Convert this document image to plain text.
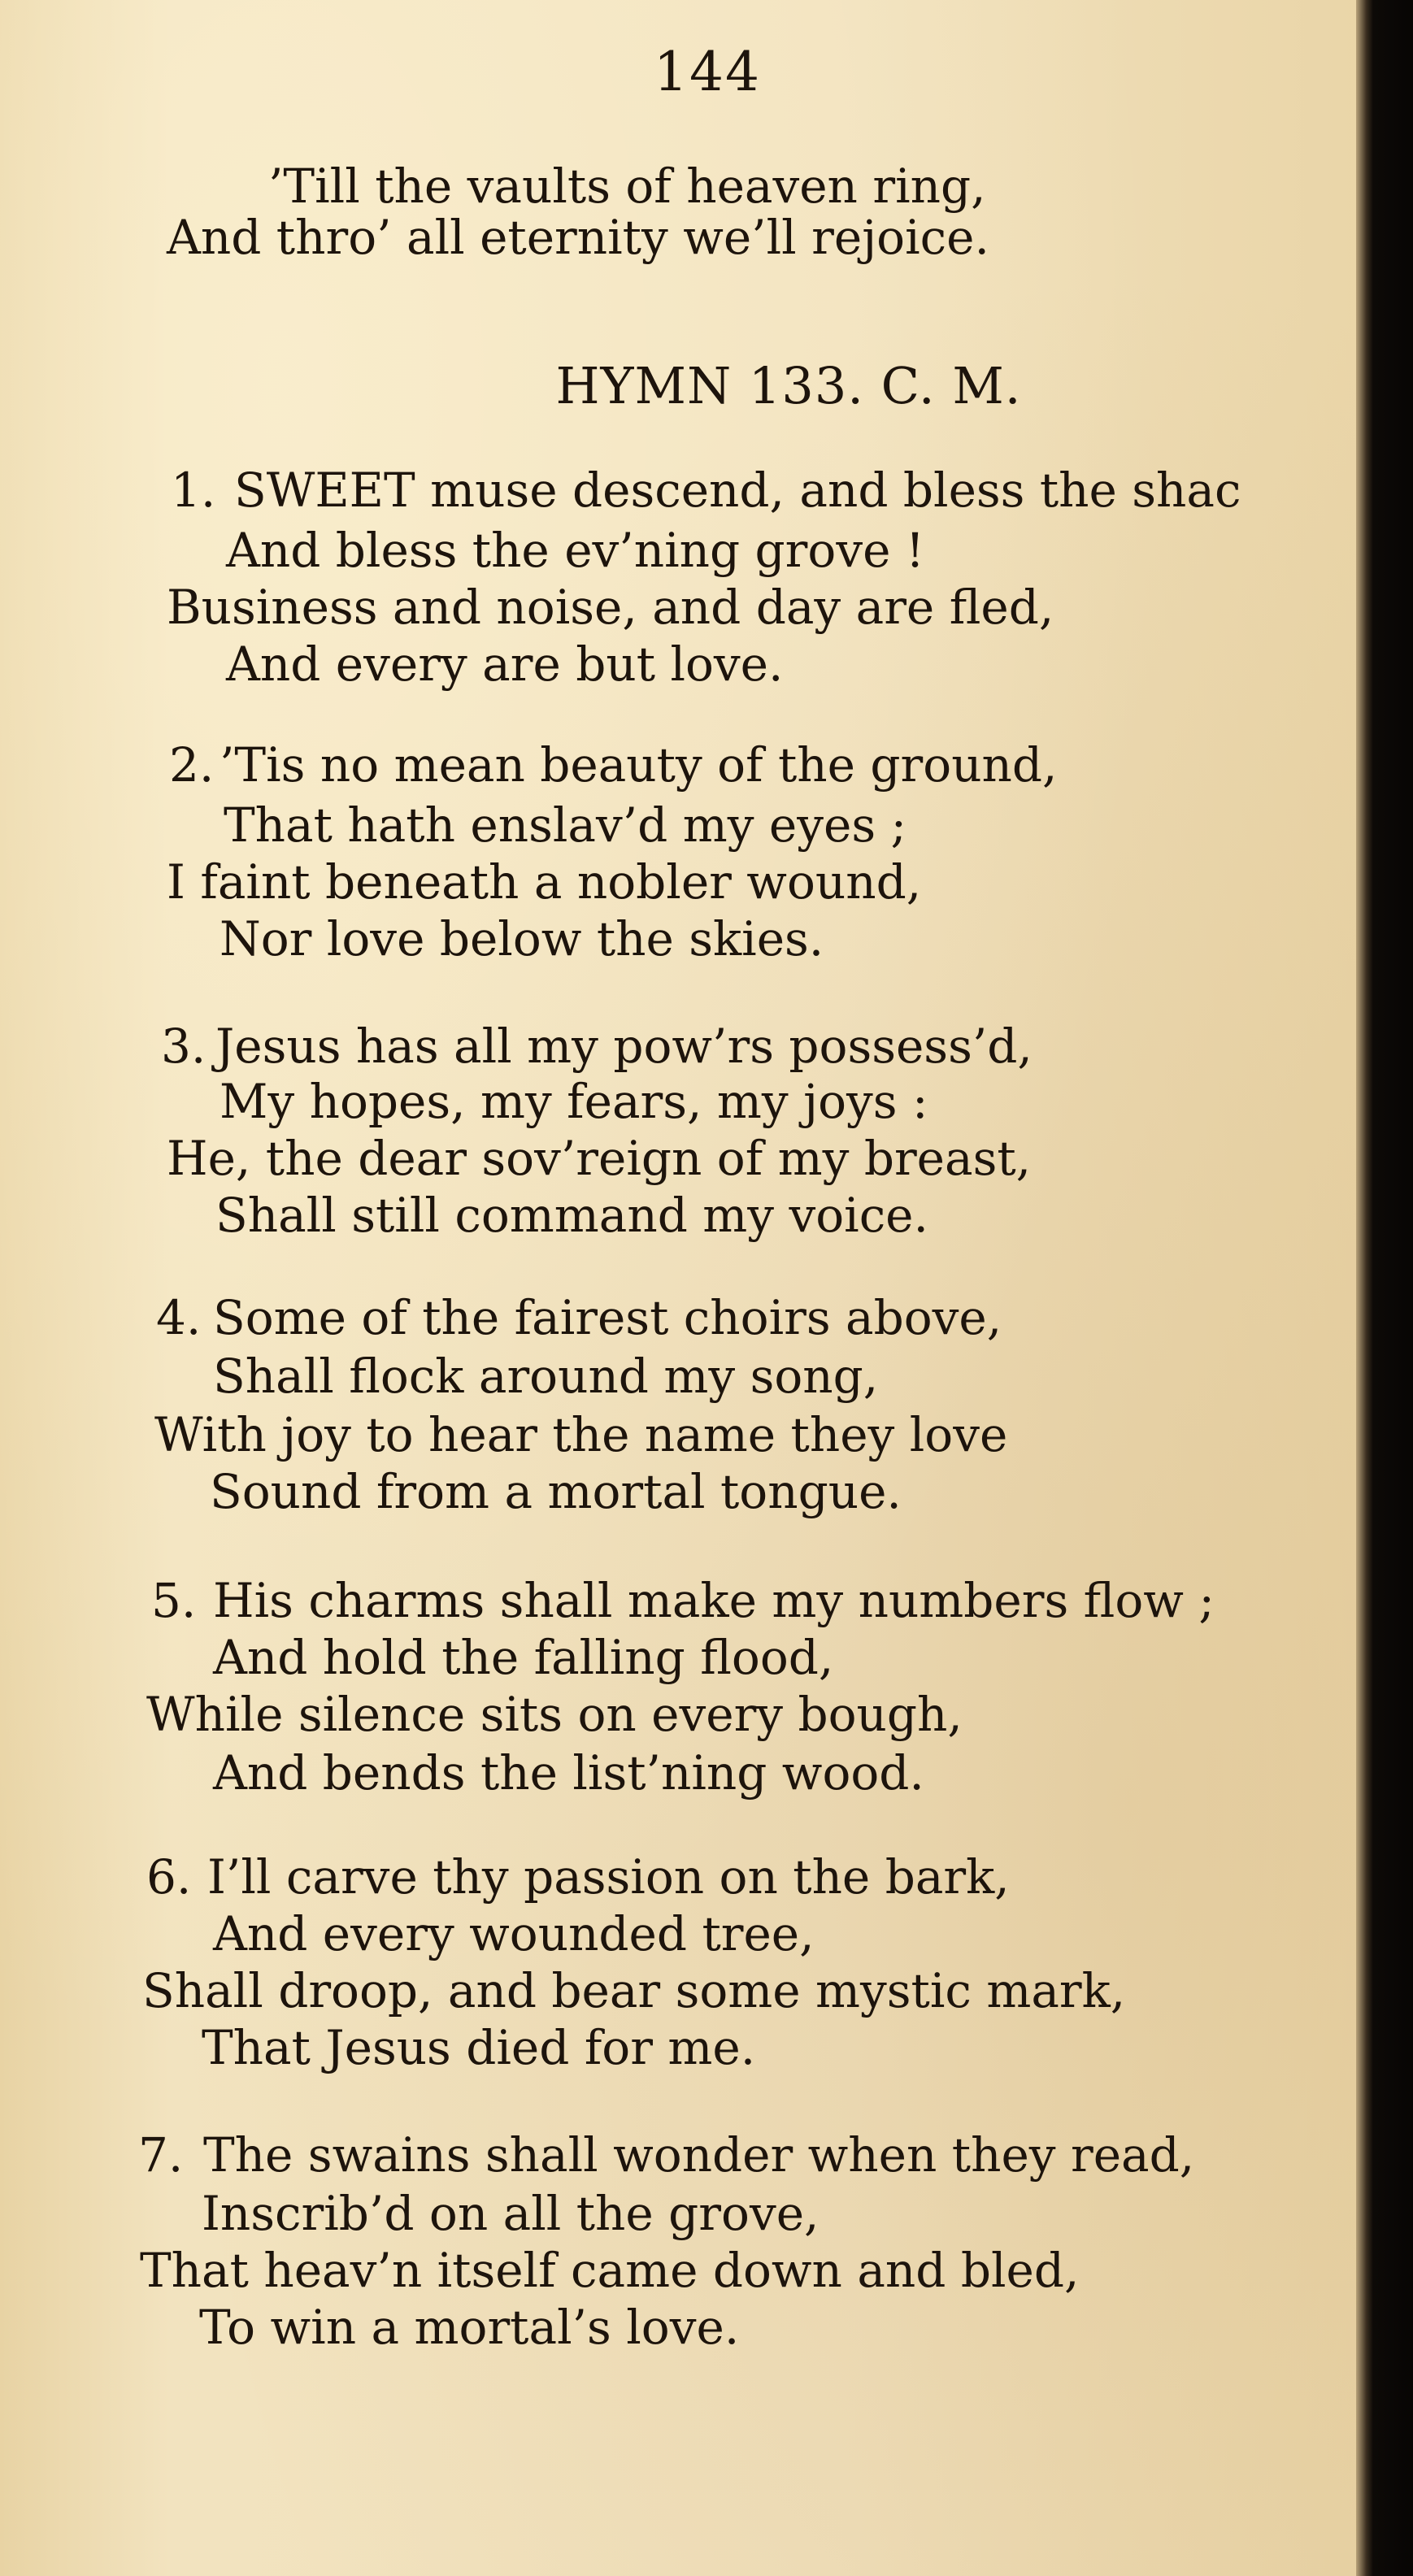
144
’Till the vaults of heaven ring,
And thro’ all eternity we’ll rejoice.
HYMN 133. C. M.
1. SWEET muse descend, and bless the shac
And bless the ev’ning grove !
Business and noise, and day are fled,
And every are but love.
2. ’Tis no mean beauty of the ground,
That hath enslav’d my eyes ;
I faint beneath a nobler wound,
Nor love below the skies.
3. Jesus has all my pow’rs possess’d,
My hopes, my fears, my joys :
He, the dear sov’reign of my breast,
Shall still command my voice.
4. Some of the fairest choirs above,
Shall flock around my song,
With joy to hear the name they love
Sound from a mortal tongue.
5. His charms shall make my numbers flow ;
And hold the falling flood,
While silence sits on every bough,
And bends the list’ning wood.
6. I’ll carve thy passion on the bark,
And every wounded tree,
Shall droop, and bear some mystic mark,
That Jesus died for me.
7. The swains shall wonder when they read,
Inscrib’d on all the grove,
That heav’n itself came down and bled,
To win a mortal’s love.
